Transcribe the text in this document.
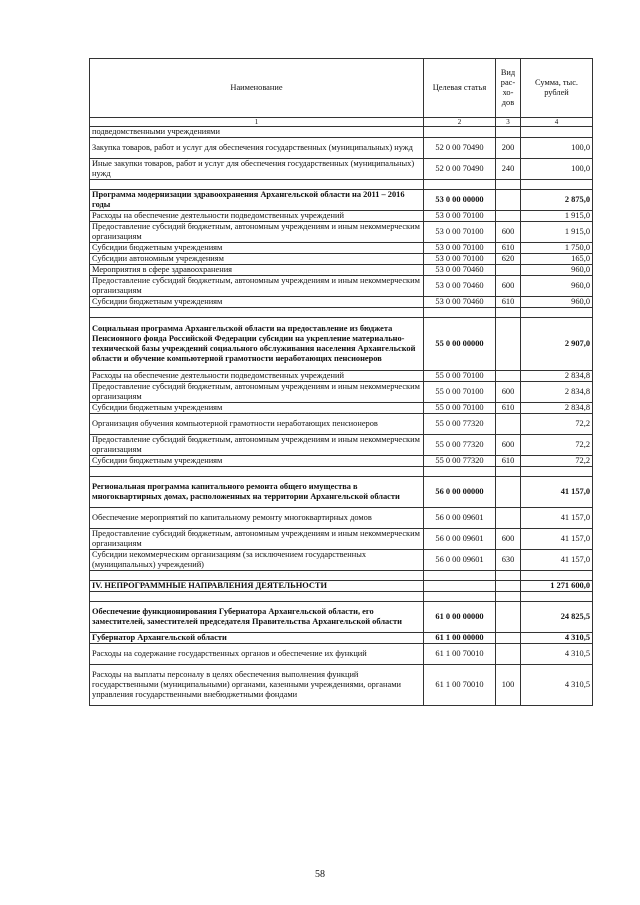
Наименование	Целевая статья	Вид рас-хо-дов	Сумма, тыс. рублей
1	2	3	4
подведомственными учреждениями			
Закупка товаров, работ и услуг для обеспечения государственных (муниципальных) нужд	52 0 00 70490	200	100,0
Иные закупки товаров, работ и услуг для обеспечения государственных (муниципальных) нужд	52 0 00 70490	240	100,0

Программа модернизации здравоохранения Архангельской области на 2011 – 2016 годы	53 0 00 00000		2 875,0
Расходы на обеспечение деятельности подведомственных учреждений	53 0 00 70100		1 915,0
Предоставление субсидий бюджетным, автономным учреждениям и иным некоммерческим организациям	53 0 00 70100	600	1 915,0
Субсидии бюджетным учреждениям	53 0 00 70100	610	1 750,0
Субсидии автономным учреждениям	53 0 00 70100	620	165,0
Мероприятия в сфере здравоохранения	53 0 00 70460		960,0
Предоставление субсидий бюджетным, автономным учреждениям и иным некоммерческим организациям	53 0 00 70460	600	960,0
Субсидии бюджетным учреждениям	53 0 00 70460	610	960,0

Социальная программа Архангельской области на предоставление из бюджета Пенсионного фонда Российской Федерации субсидии на укрепление материально-технической базы учреждений социального обслуживания населения Архангельской области и обучение компьютерной грамотности неработающих пенсионеров	55 0 00 00000		2 907,0
Расходы на обеспечение деятельности подведомственных учреждений	55 0 00 70100		2 834,8
Предоставление субсидий бюджетным, автономным учреждениям и иным некоммерческим организациям	55 0 00 70100	600	2 834,8
Субсидии бюджетным учреждениям	55 0 00 70100	610	2 834,8
Организация обучения компьютерной грамотности неработающих пенсионеров	55 0 00 77320		72,2
Предоставление субсидий бюджетным, автономным учреждениям и иным некоммерческим организациям	55 0 00 77320	600	72,2
Субсидии бюджетным учреждениям	55 0 00 77320	610	72,2

Региональная программа капитального ремонта общего имущества в многоквартирных домах, расположенных на территории Архангельской области	56 0 00 00000		41 157,0
Обеспечение мероприятий по капитальному ремонту многоквартирных домов	56 0 00 09601		41 157,0
Предоставление субсидий бюджетным, автономным учреждениям и иным некоммерческим организациям	56 0 00 09601	600	41 157,0
Субсидии некоммерческим организациям (за исключением государственных (муниципальных) учреждений)	56 0 00 09601	630	41 157,0

IV. НЕПРОГРАММНЫЕ НАПРАВЛЕНИЯ ДЕЯТЕЛЬНОСТИ			1 271 600,0

Обеспечение функционирования Губернатора Архангельской области, его заместителей, заместителей председателя Правительства Архангельской области	61 0 00 00000		24 825,5
Губернатор Архангельской области	61 1 00 00000		4 310,5
Расходы на содержание государственных органов и обеспечение их функций	61 1 00 70010		4 310,5
Расходы на выплаты персоналу в целях обеспечения выполнения функций государственными (муниципальными) органами, казенными учреждениями, органами управления государственными внебюджетными фондами	61 1 00 70010	100	4 310,5
58
